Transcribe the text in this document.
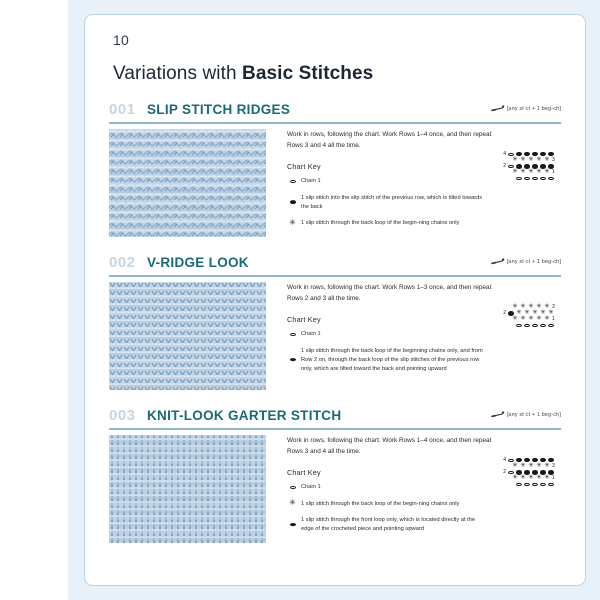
10
Variations with Basic Stitches
001 SLIP STITCH RIDGES	[any st ct + 1 beg-ch]
Work in rows, following the chart. Work Rows 1–4 once, and then repeat Rows 3 and 4 all the time.
Chart Key
Chain 1
1 slip stitch into the slip stitch of the previous row, which is tilted towards the back
✳ 1 slip stitch through the back loop of the begin-ning chains only
4
✳ ✳ ✳ ✳ ✳ 3
2
✳ ✳ ✳ ✳ ✳ 1
002 V-RIDGE LOOK	[any st ct + 1 beg-ch]
Work in rows, following the chart. Work Rows 1–3 once, and then repeat Rows 2 and 3 all the time.
Chart Key
Chain 1
1 slip stitch through the back loop of the beginning chains only, and from Row 2 on, through the back loop of the slip stitches of the previous row only, which are tilted toward the back and pointing upward
✳ ✳ ✳ ✳ ✳ 3
2 ✳ ✳ ✳ ✳ ✳
✳ ✳ ✳ ✳ ✳ 1
003 KNIT-LOOK GARTER STITCH	[any st ct + 1 beg-ch]
Work in rows, following the chart. Work Rows 1–4 once, and then repeat Rows 3 and 4 all the time.
Chart Key
Chain 1
✳ 1 slip stitch through the back loop of the begin-ning chains only
1 slip stitch through the front loop only, which is located directly at the edge of the crocheted piece and pointing upward
4
✳ ✳ ✳ ✳ ✳ 3
2
✳ ✳ ✳ ✳ ✳ 1
